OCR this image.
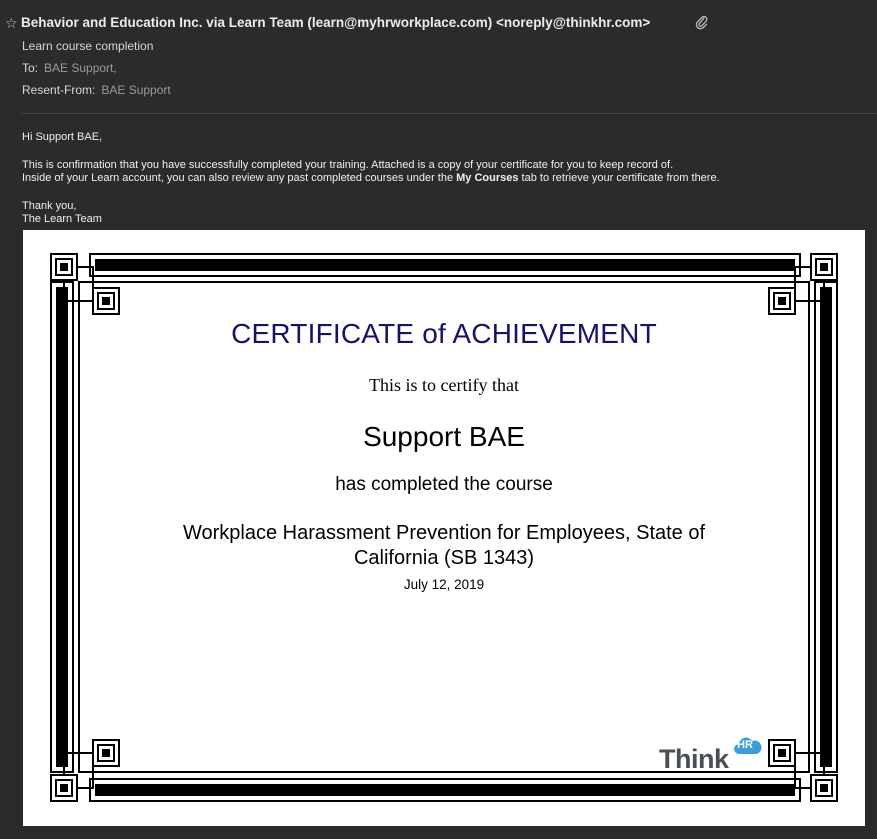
☆ Behavior and Education Inc. via Learn Team (learn@myhrworkplace.com) <noreply@thinkhr.com>
Learn course completion
To: BAE Support,
Resent-From: BAE Support

Hi Support BAE,

This is confirmation that you have successfully completed your training. Attached is a copy of your certificate for you to keep record of.

Inside of your Learn account, you can also review any past completed courses under the My Courses tab to retrieve your certificate from there.

Thank you,

The Learn Team

CERTIFICATE of ACHIEVEMENT
This is to certify that
Support BAE
has completed the course
Workplace Harassment Prevention for Employees, State of California (SB 1343)
July 12, 2019
Think HR
